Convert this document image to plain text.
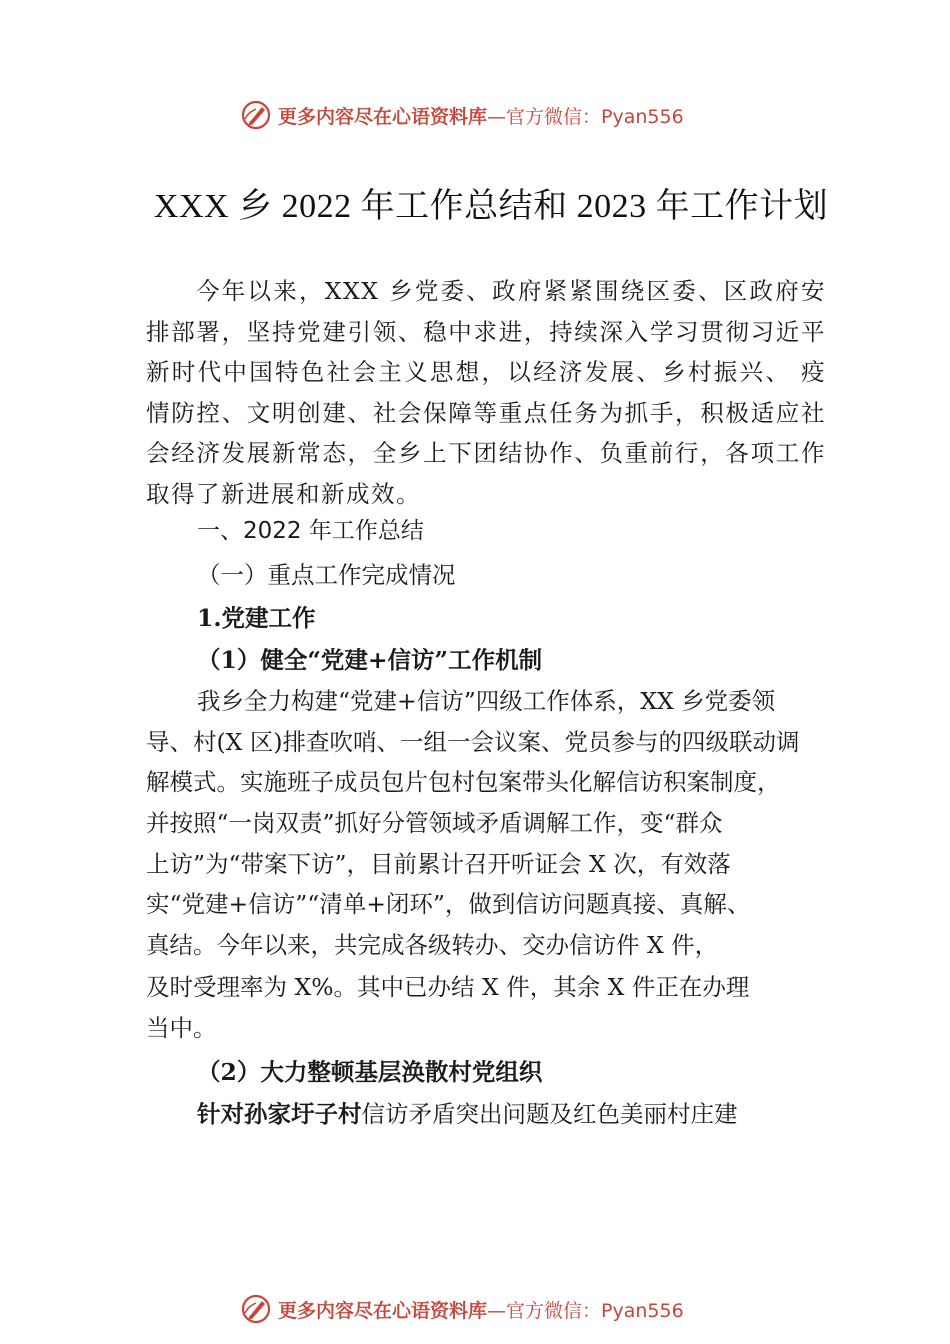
更多内容尽在心语资料库 —官方微信：Pyan556
XXX 乡 2022 年工作总结和 2023 年工作计划
今年以来，XXX 乡党委、政府紧紧围绕区委、区政府安排部署，坚持党建引领、稳中求进，持续深入学习贯彻习近平新时代中国特色社会主义思想，以经济发展、乡村振兴、 疫情防控、文明创建、社会保障等重点任务为抓手，积极适应社会经济发展新常态，全乡上下团结协作、负重前行，各项工作取得了新进展和新成效。
一、2022 年工作总结
（一）重点工作完成情况
1.党建工作
（1）健全“党建+信访”工作机制
我乡全力构建“党建+信访”四级工作体系，XX 乡党委领
导、村(X 区)排查吹哨、一组一会议案、党员参与的四级联动调
解模式。实施班子成员包片包村包案带头化解信访积案制度，
并按照“一岗双责”抓好分管领域矛盾调解工作，变“群众
上访”为“带案下访”，目前累计召开听证会 X 次，有效落
实“党建+信访”“清单+闭环”，做到信访问题真接、真解、
真结。今年以来，共完成各级转办、交办信访件 X 件，
及时受理率为 X%。其中已办结 X 件，其余 X 件正在办理
当中。
（2）大力整顿基层涣散村党组织
针对孙家圩子村信访矛盾突出问题及红色美丽村庄建
更多内容尽在心语资料库 —官方微信：Pyan556
